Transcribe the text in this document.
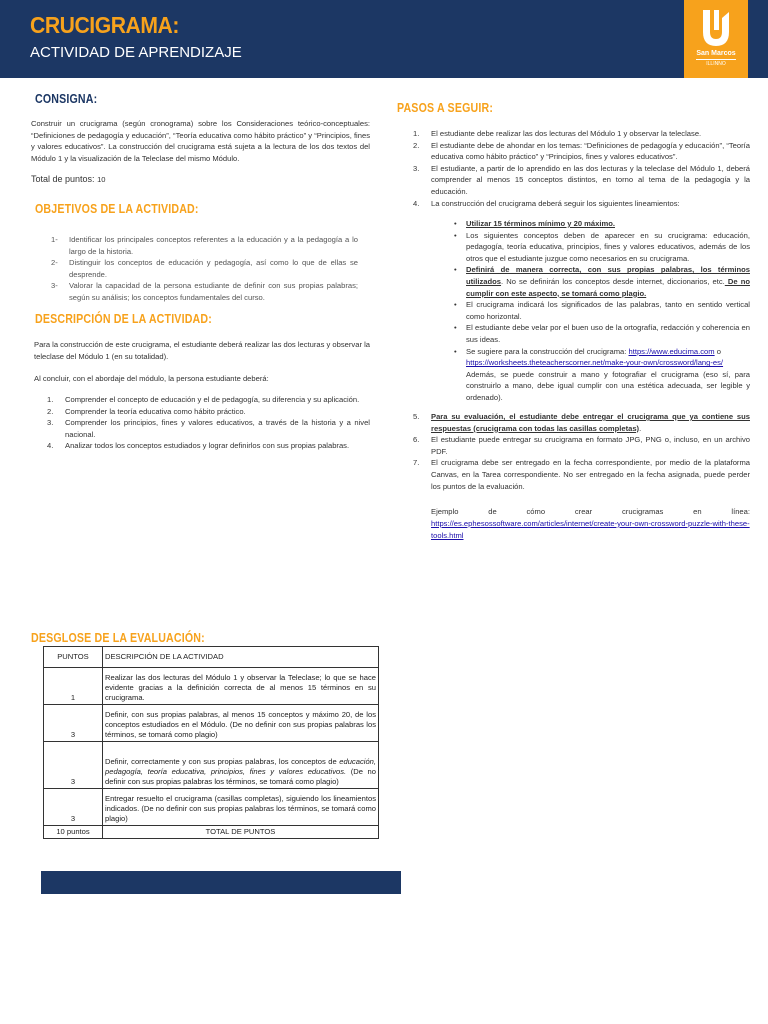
CRUCIGRAMA:
ACTIVIDAD DE APRENDIZAJE	San Marcos
ILLINNO
CONSIGNA:
Construir un crucigrama (según cronograma) sobre los Consideraciones teórico-conceptuales: “Definiciones de pedagogía y educación”, “Teoría educativa como hábito práctico” y “Principios, fines y valores educativos”. La construcción del crucigrama está sujeta a la lectura de los dos textos del Módulo 1 y la visualización de la Teleclase del mismo Módulo.
Total de puntos: 10
OBJETIVOS DE LA ACTIVIDAD:
1- Identificar los principales conceptos referentes a la educación y a la pedagogía a lo largo de la historia.
2- Distinguir los conceptos de educación y pedagogía, así como lo que de ellas se desprende.
3- Valorar la capacidad de la persona estudiante de definir con sus propias palabras; según su análisis; los conceptos fundamentales del curso.
DESCRIPCIÓN DE LA ACTIVIDAD:
Para la construcción de este crucigrama, el estudiante deberá realizar las dos lecturas y observar la teleclase del Módulo 1 (en su totalidad).
Al concluir, con el abordaje del módulo, la persona estudiante deberá:
1. Comprender el concepto de educación y el de pedagogía, su diferencia y su aplicación.
2. Comprender la teoría educativa como hábito práctico.
3. Comprender los principios, fines y valores educativos, a través de la historia y a nivel nacional.
4. Analizar todos los conceptos estudiados y lograr definirlos con sus propias palabras.
PASOS A SEGUIR:
1. El estudiante debe realizar las dos lecturas del Módulo 1 y observar la teleclase.
2. El estudiante debe de ahondar en los temas: “Definiciones de pedagogía y educación”, “Teoría educativa como hábito práctico” y “Principios, fines y valores educativos”.
3. El estudiante, a partir de lo aprendido en las dos lecturas y la teleclase del Módulo 1, deberá comprender al menos 15 conceptos distintos, en torno al tema de la pedagogía y la educación.
4. La construcción del crucigrama deberá seguir los siguientes lineamientos:
• Utilizar 15 términos mínimo y 20 máximo.
• Los siguientes conceptos deben de aparecer en su crucigrama: educación, pedagogía, teoría educativa, principios, fines y valores educativos, además de los otros que el estudiante juzgue como necesarios en su crucigrama.
• Definirá de manera correcta, con sus propias palabras, los términos utilizados. No se definirán los conceptos desde internet, diccionarios, etc. De no cumplir con este aspecto, se tomará como plagio.
• El crucigrama indicará los significados de las palabras, tanto en sentido vertical como horizontal.
• El estudiante debe velar por el buen uso de la ortografía, redacción y coherencia en sus ideas.
• Se sugiere para la construcción del crucigrama: https://www.educima.com o
https://worksheets.theteacherscorner.net/make-your-own/crossword/lang-es/
Además, se puede construir a mano y fotografiar el crucigrama (eso sí, para construirlo a mano, debe igual cumplir con una estética adecuada, ser legible y ordenado).
5. Para su evaluación, el estudiante debe entregar el crucigrama que ya contiene sus respuestas (crucigrama con todas las casillas completas).
6. El estudiante puede entregar su crucigrama en formato JPG, PNG o, incluso, en un archivo PDF.
7. El crucigrama debe ser entregado en la fecha correspondiente, por medio de la plataforma Canvas, en la Tarea correspondiente. No ser entregado en la fecha asignada, puede perder los puntos de la evaluación.
Ejemplo de cómo crear crucigramas en línea:
https://es.ephesossoftware.com/articles/internet/create-your-own-crossword-puzzle-with-these-tools.html
DESGLOSE DE LA EVALUACIÓN:
PUNTOS	DESCRIPCIÓN DE LA ACTIVIDAD
1	Realizar las dos lecturas del Módulo 1 y observar la Teleclase; lo que se hace evidente gracias a la definición correcta de al menos 15 términos en su crucigrama.
3	Definir, con sus propias palabras, al menos 15 conceptos y máximo 20, de los conceptos estudiados en el Módulo. (De no definir con sus propias palabras los términos, se tomará como plagio)
3	Definir, correctamente y con sus propias palabras, los conceptos de educación, pedagogía, teoría educativa, principios, fines y valores educativos. (De no definir con sus propias palabras los términos, se tomará como plagio)
3	Entregar resuelto el crucigrama (casillas completas), siguiendo los lineamientos indicados. (De no definir con sus propias palabras los términos, se tomará como plagio)
10 puntos	TOTAL DE PUNTOS
